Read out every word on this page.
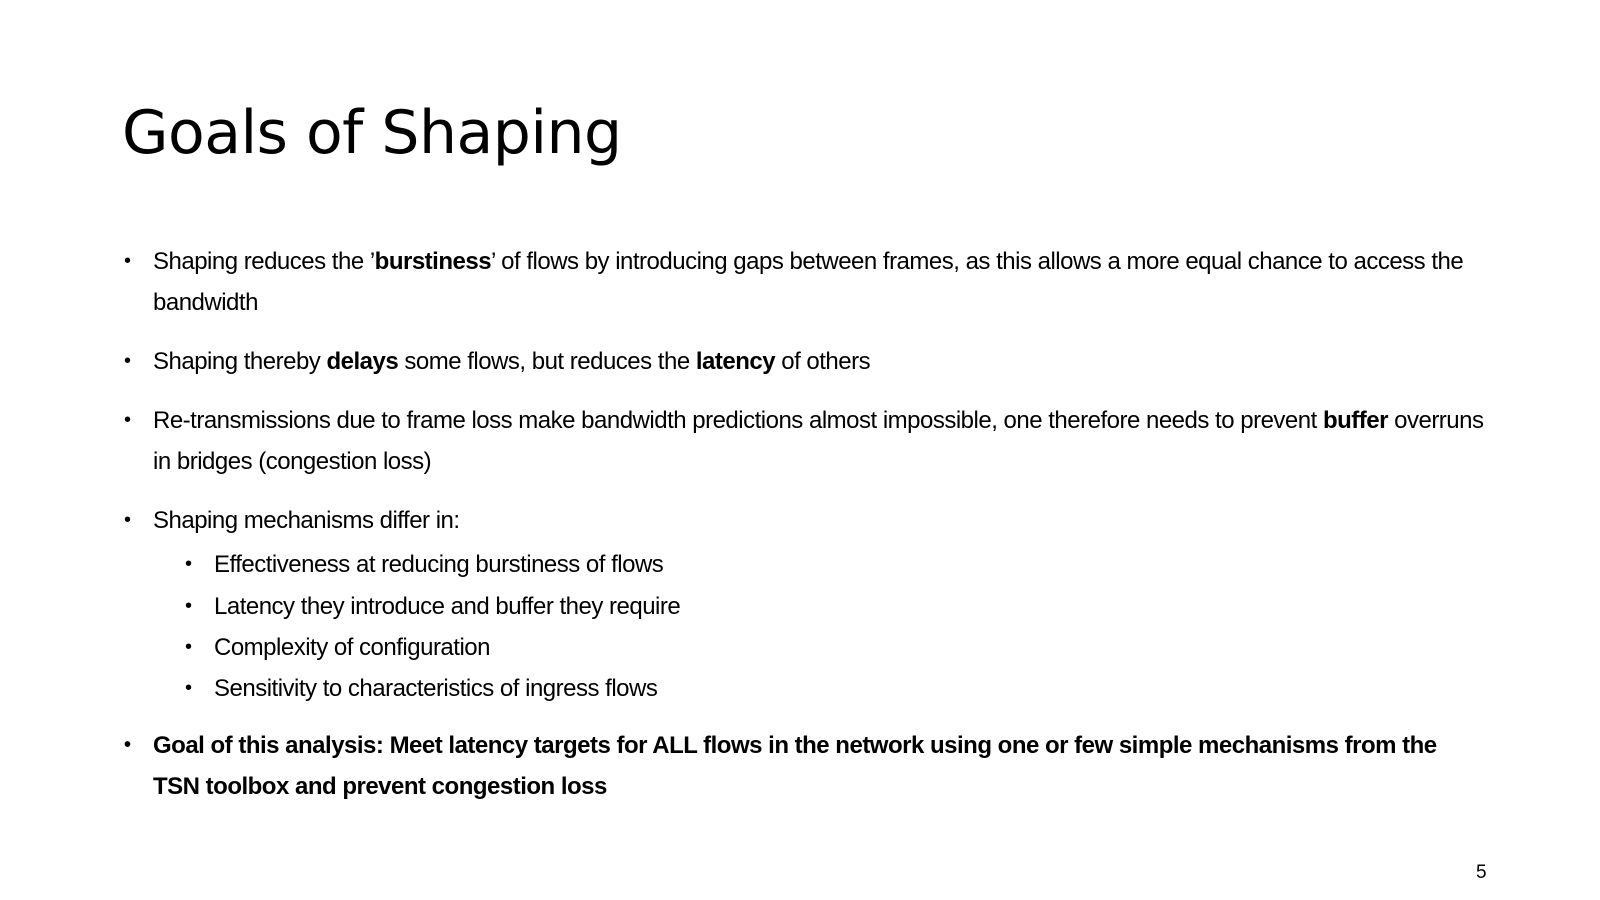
Goals of Shaping
• Shaping reduces the ’burstiness’ of flows by introducing gaps between frames, as this allows a more equal chance to access the bandwidth
• Shaping thereby delays some flows, but reduces the latency of others
• Re-transmissions due to frame loss make bandwidth predictions almost impossible, one therefore needs to prevent buffer overruns in bridges (congestion loss)
• Shaping mechanisms differ in:
• Effectiveness at reducing burstiness of flows
• Latency they introduce and buffer they require
• Complexity of configuration
• Sensitivity to characteristics of ingress flows
• Goal of this analysis: Meet latency targets for ALL flows in the network using one or few simple mechanisms from the TSN toolbox and prevent congestion loss
5
